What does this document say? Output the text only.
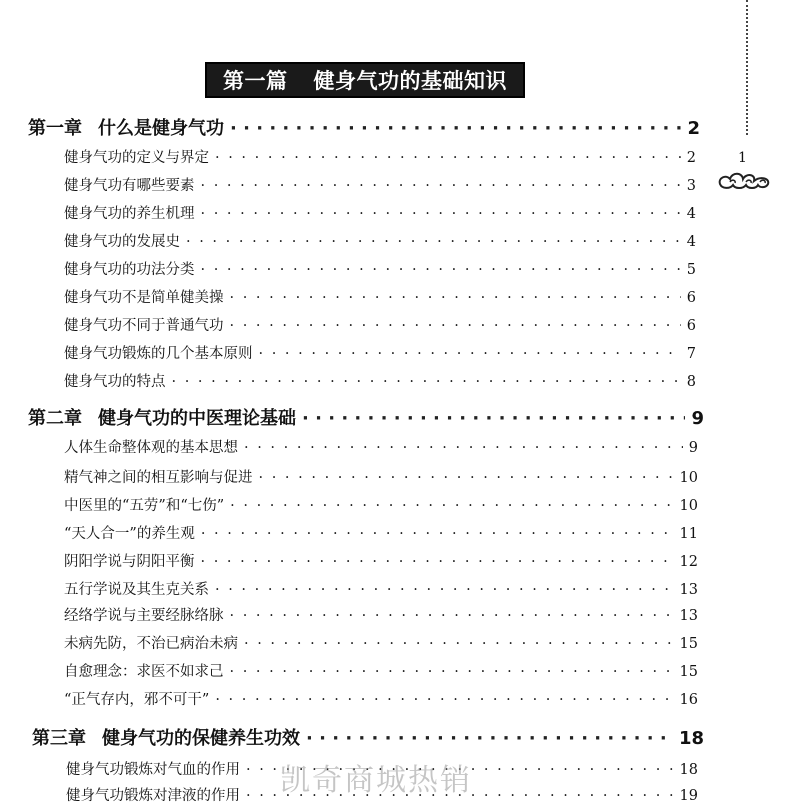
第一篇 健身气功的基础知识
1
第一章 什么是健身气功 · · ·	2
健身气功的定义与界定 · · ·	2
健身气功有哪些要素 · · ·	3
健身气功的养生机理 · · ·	4
健身气功的发展史 · · ·	4
健身气功的功法分类 · · ·	5
健身气功不是简单健美操 · · ·	6
健身气功不同于普通气功 · · ·	6
健身气功锻炼的几个基本原则 · · ·	7
健身气功的特点 · · ·	8
第二章 健身气功的中医理论基础 · · ·	9
人体生命整体观的基本思想 · · ·	9
精气神之间的相互影响与促进 · · ·	10
中医里的“五劳”和“七伤” · · ·	10
“天人合一”的养生观 · · ·	11
阴阳学说与阴阳平衡 · · ·	12
五行学说及其生克关系 · · ·	13
经络学说与主要经脉络脉 · · ·	13
未病先防，不治已病治未病 · · ·	15
自愈理念：求医不如求己 · · ·	15
“正气存内，邪不可干” · · ·	16
第三章 健身气功的保健养生功效 · · ·	18
健身气功锻炼对气血的作用 · · ·	18
健身气功锻炼对津液的作用 · · ·	19
凯奇商城热销
